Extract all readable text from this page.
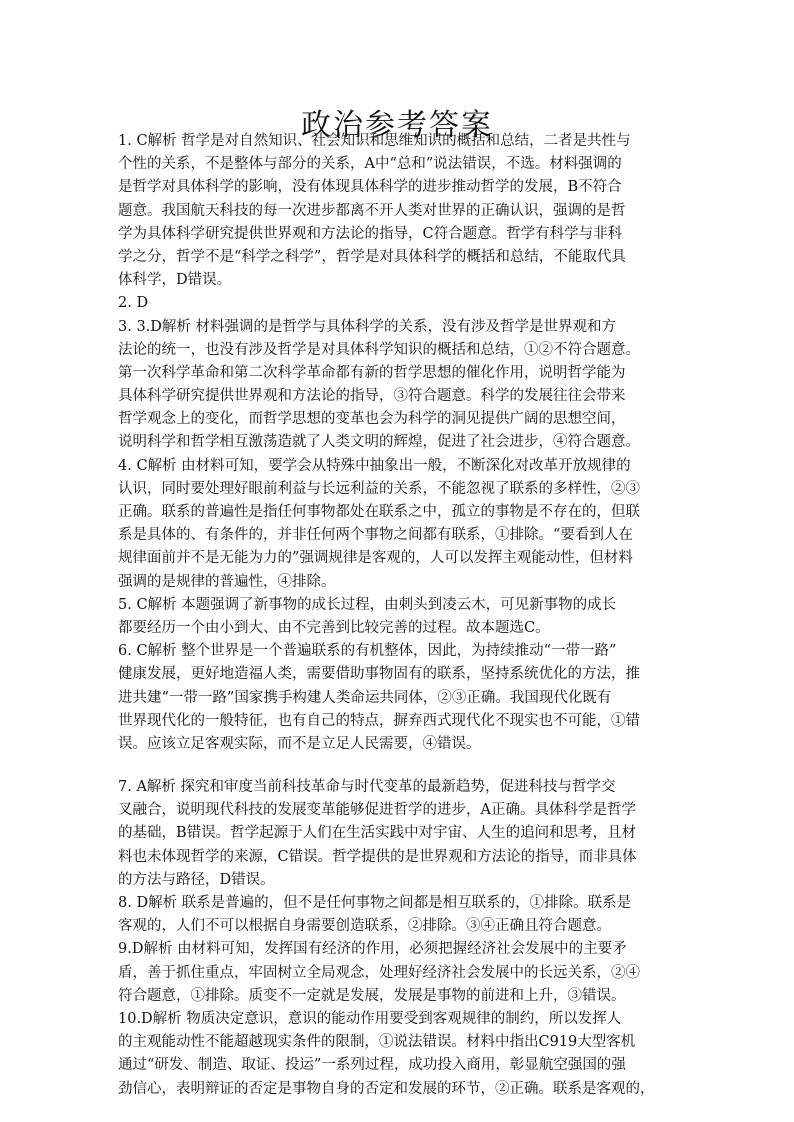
政治参考答案
1. C解析 哲学是对自然知识、社会知识和思维知识的概括和总结，二者是共性与
个性的关系，不是整体与部分的关系，A中“总和”说法错误，不选。材料强调的
是哲学对具体科学的影响，没有体现具体科学的进步推动哲学的发展，B不符合
题意。我国航天科技的每一次进步都离不开人类对世界的正确认识，强调的是哲
学为具体科学研究提供世界观和方法论的指导，C符合题意。哲学有科学与非科
学之分，哲学不是“科学之科学”，哲学是对具体科学的概括和总结，不能取代具
体科学，D错误。
2. D
3. 3.D解析 材料强调的是哲学与具体科学的关系，没有涉及哲学是世界观和方
法论的统一，也没有涉及哲学是对具体科学知识的概括和总结，①②不符合题意。
第一次科学革命和第二次科学革命都有新的哲学思想的催化作用，说明哲学能为
具体科学研究提供世界观和方法论的指导，③符合题意。科学的发展往往会带来
哲学观念上的变化，而哲学思想的变革也会为科学的洞见提供广阔的思想空间，
说明科学和哲学相互激荡造就了人类文明的辉煌，促进了社会进步，④符合题意。
4. C解析 由材料可知，要学会从特殊中抽象出一般，不断深化对改革开放规律的
认识，同时要处理好眼前利益与长远利益的关系，不能忽视了联系的多样性，②③
正确。联系的普遍性是指任何事物都处在联系之中，孤立的事物是不存在的，但联
系是具体的、有条件的，并非任何两个事物之间都有联系，①排除。“要看到人在
规律面前并不是无能为力的”强调规律是客观的，人可以发挥主观能动性，但材料
强调的是规律的普遍性，④排除。
5. C解析 本题强调了新事物的成长过程，由刺头到凌云木，可见新事物的成长
都要经历一个由小到大、由不完善到比较完善的过程。故本题选C。
6. C解析 整个世界是一个普遍联系的有机整体，因此，为持续推动“一带一路”
健康发展，更好地造福人类，需要借助事物固有的联系，坚持系统优化的方法，推
进共建“一带一路”国家携手构建人类命运共同体，②③正确。我国现代化既有
世界现代化的一般特征，也有自己的特点，摒弃西式现代化不现实也不可能，①错
误。应该立足客观实际，而不是立足人民需要，④错误。
7. A解析 探究和审度当前科技革命与时代变革的最新趋势，促进科技与哲学交
叉融合，说明现代科技的发展变革能够促进哲学的进步，A正确。具体科学是哲学
的基础，B错误。哲学起源于人们在生活实践中对宇宙、人生的追问和思考，且材
料也未体现哲学的来源，C错误。哲学提供的是世界观和方法论的指导，而非具体
的方法与路径，D错误。
8. D解析 联系是普遍的，但不是任何事物之间都是相互联系的，①排除。联系是
客观的，人们不可以根据自身需要创造联系，②排除。③④正确且符合题意。
9.D解析 由材料可知，发挥国有经济的作用，必须把握经济社会发展中的主要矛
盾，善于抓住重点，牢固树立全局观念，处理好经济社会发展中的长远关系，②④
符合题意，①排除。质变不一定就是发展，发展是事物的前进和上升，③错误。
10.D解析 物质决定意识，意识的能动作用要受到客观规律的制约，所以发挥人
的主观能动性不能超越现实条件的限制，①说法错误。材料中指出C919大型客机
通过“研发、制造、取证、投运”一系列过程，成功投入商用，彰显航空强国的强
劲信心，表明辩证的否定是事物自身的否定和发展的环节，②正确。联系是客观的，
